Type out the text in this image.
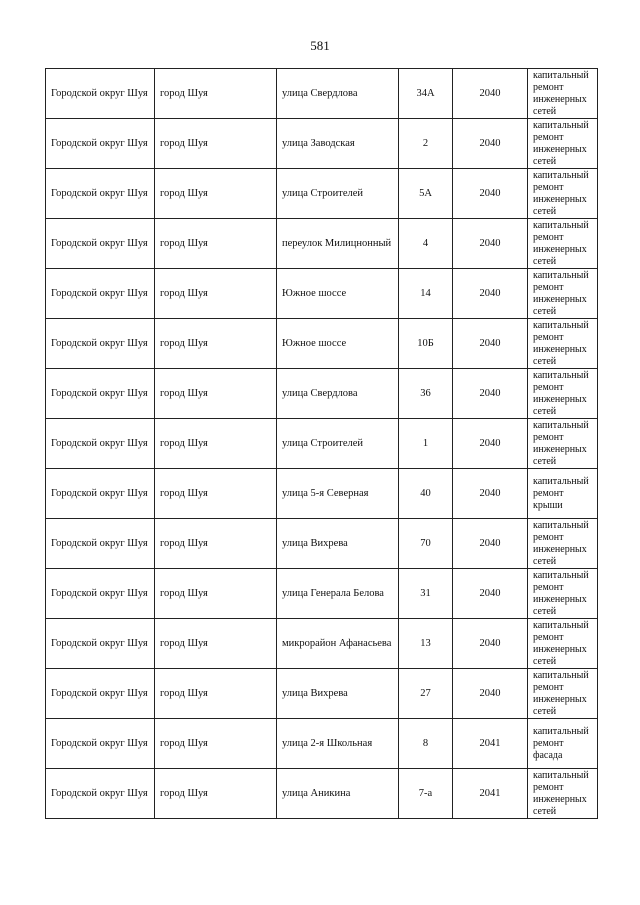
581
Городской округ Шуя	город Шуя	улица Свердлова	34А	2040	капитальный ремонт инженерных сетей
Городской округ Шуя	город Шуя	улица Заводская	2	2040	капитальный ремонт инженерных сетей
Городской округ Шуя	город Шуя	улица Строителей	5А	2040	капитальный ремонт инженерных сетей
Городской округ Шуя	город Шуя	переулок Милицнонный	4	2040	капитальный ремонт инженерных сетей
Городской округ Шуя	город Шуя	Южное шоссе	14	2040	капитальный ремонт инженерных сетей
Городской округ Шуя	город Шуя	Южное шоссе	10Б	2040	капитальный ремонт инженерных сетей
Городской округ Шуя	город Шуя	улица Свердлова	36	2040	капитальный ремонт инженерных сетей
Городской округ Шуя	город Шуя	улица Строителей	1	2040	капитальный ремонт инженерных сетей
Городской округ Шуя	город Шуя	улица 5-я Северная	40	2040	капитальный ремонт крыши
Городской округ Шуя	город Шуя	улица Вихрева	70	2040	капитальный ремонт инженерных сетей
Городской округ Шуя	город Шуя	улица Генерала Белова	31	2040	капитальный ремонт инженерных сетей
Городской округ Шуя	город Шуя	микрорайон Афанасьева	13	2040	капитальный ремонт инженерных сетей
Городской округ Шуя	город Шуя	улица Вихрева	27	2040	капитальный ремонт инженерных сетей
Городской округ Шуя	город Шуя	улица 2-я Школьная	8	2041	капитальный ремонт фасада
Городской округ Шуя	город Шуя	улица Аникина	7-а	2041	капитальный ремонт инженерных сетей
